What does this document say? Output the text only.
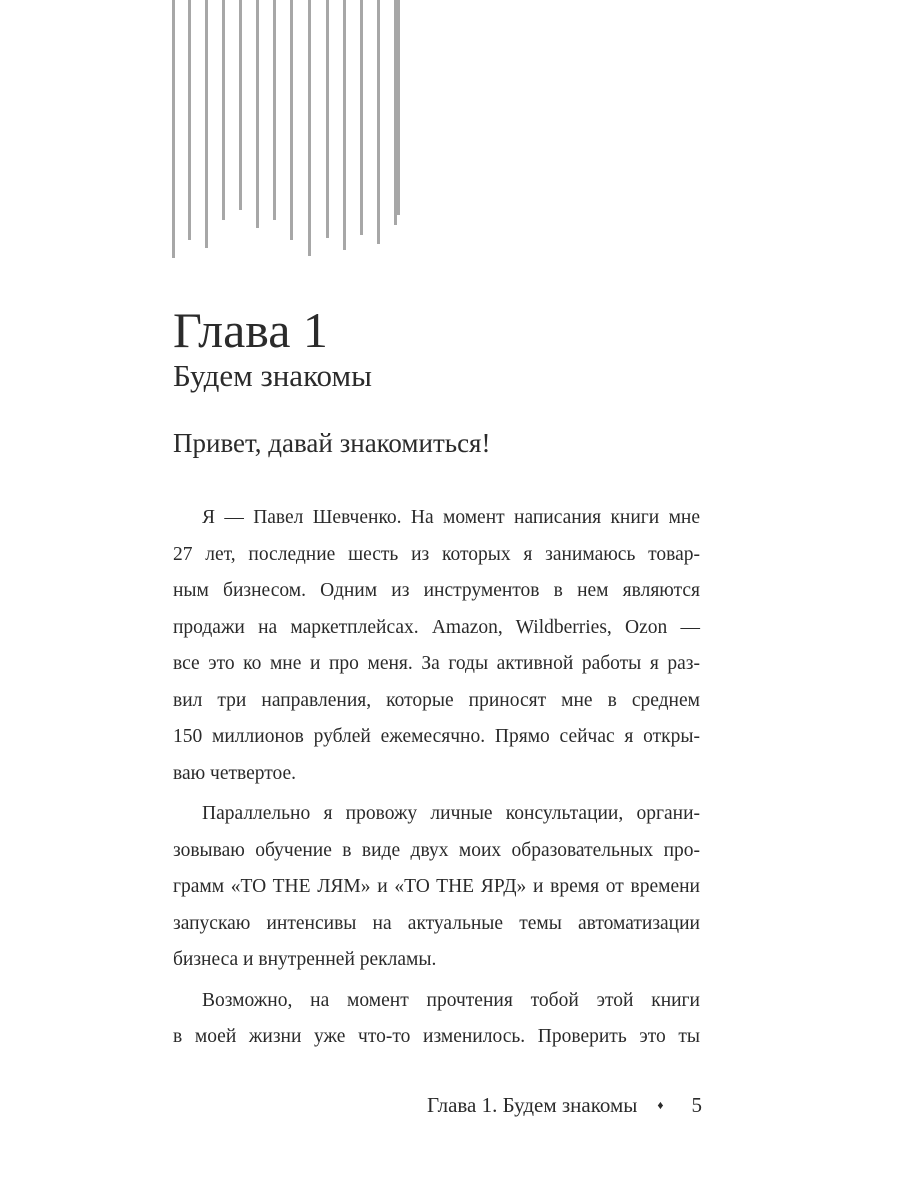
Глава 1
Будем знакомы
Привет, давай знакомиться!

Я — Павел Шевченко. На момент написания книги мне
27 лет, последние шесть из которых я занимаюсь товар-
ным бизнесом. Одним из инструментов в нем являются
продажи на маркетплейсах. Amazon, Wildberries, Ozon —
все это ко мне и про меня. За годы активной работы я раз-
вил три направления, которые приносят мне в среднем
150 миллионов рублей ежемесячно. Прямо сейчас я откры-
ваю четвертое.

Параллельно я провожу личные консультации, органи-
зовываю обучение в виде двух моих образовательных про-
грамм «TO THE ЛЯМ» и «TO THE ЯРД» и время от времени
запускаю интенсивы на актуальные темы автоматизации
бизнеса и внутренней рекламы.

Возможно, на момент прочтения тобой этой книги
в моей жизни уже что-то изменилось. Проверить это ты

Глава 1. Будем знакомы ♦ 5
